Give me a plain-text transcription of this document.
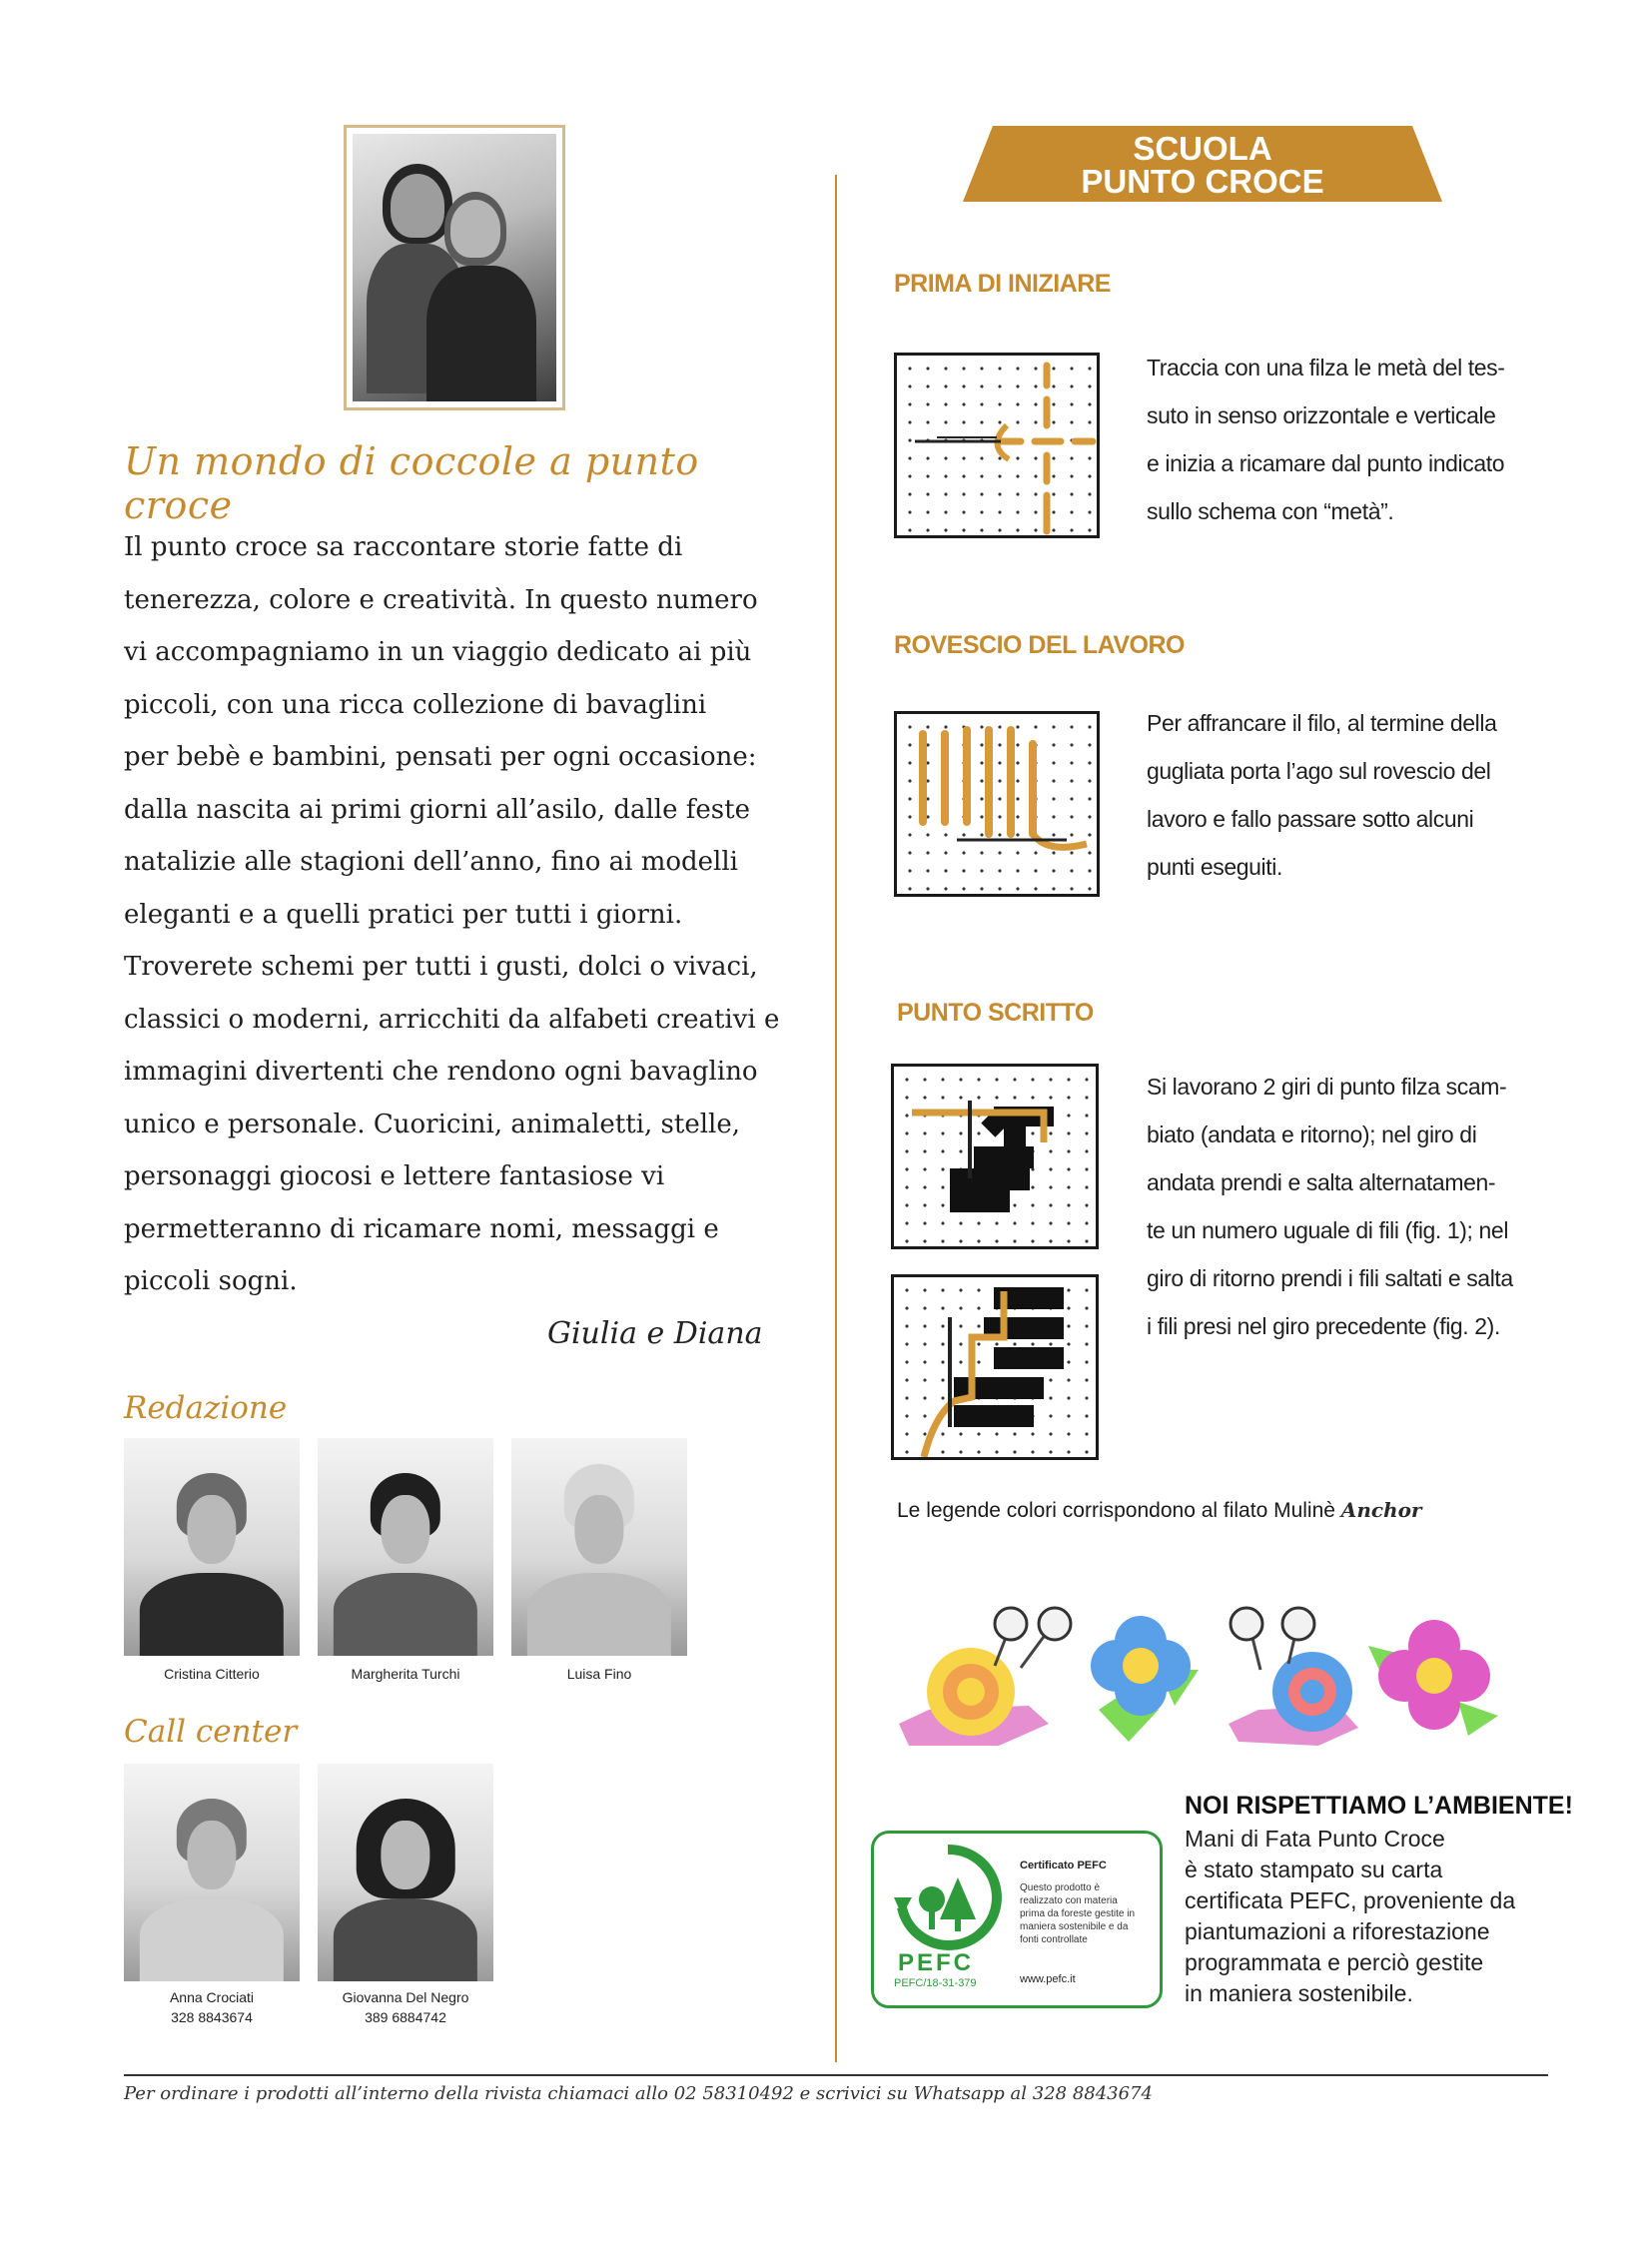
Un mondo di coccole a punto croce
Il punto croce sa raccontare storie fatte di
tenerezza, colore e creatività. In questo numero
vi accompagniamo in un viaggio dedicato ai più
piccoli, con una ricca collezione di bavaglini
per bebè e bambini, pensati per ogni occasione:
dalla nascita ai primi giorni all’asilo, dalle feste
natalizie alle stagioni dell’anno, fino ai modelli
eleganti e a quelli pratici per tutti i giorni.
Troverete schemi per tutti i gusti, dolci o vivaci,
classici o moderni, arricchiti da alfabeti creativi e
immagini divertenti che rendono ogni bavaglino
unico e personale. Cuoricini, animaletti, stelle,
personaggi giocosi e lettere fantasiose vi
permetteranno di ricamare nomi, messaggi e
piccoli sogni.
Giulia e Diana
Redazione
Cristina Citterio	Margherita Turchi	Luisa Fino
Call center
Anna Crociati
328 8843674
Giovanna Del Negro
389 6884742
SCUOLA
PUNTO CROCE
PRIMA DI INIZIARE
Traccia con una filza le metà del tes-
suto in senso orizzontale e verticale
e inizia a ricamare dal punto indicato
sullo schema con “metà”.
ROVESCIO DEL LAVORO
Per affrancare il filo, al termine della
gugliata porta l’ago sul rovescio del
lavoro e fallo passare sotto alcuni
punti eseguiti.
PUNTO SCRITTO
Si lavorano 2 giri di punto filza scam-
biato (andata e ritorno); nel giro di
andata prendi e salta alternatamen-
te un numero uguale di fili (fig. 1); nel
giro di ritorno prendi i fili saltati e salta
i fili presi nel giro precedente (fig. 2).
Le legende colori corrispondono al filato Mulinè Anchor
PEFC
PEFC/18-31-379
Certificato PEFC
Questo prodotto è
realizzato con materia
prima da foreste gestite in
maniera sostenibile e da
fonti controllate
www.pefc.it
NOI RISPETTIAMO L’AMBIENTE!
Mani di Fata Punto Croce
è stato stampato su carta
certificata PEFC, proveniente da
piantumazioni a riforestazione
programmata e perciò gestite
in maniera sostenibile.
Per ordinare i prodotti all’interno della rivista chiamaci allo 02 58310492 e scrivici su Whatsapp al 328 8843674
